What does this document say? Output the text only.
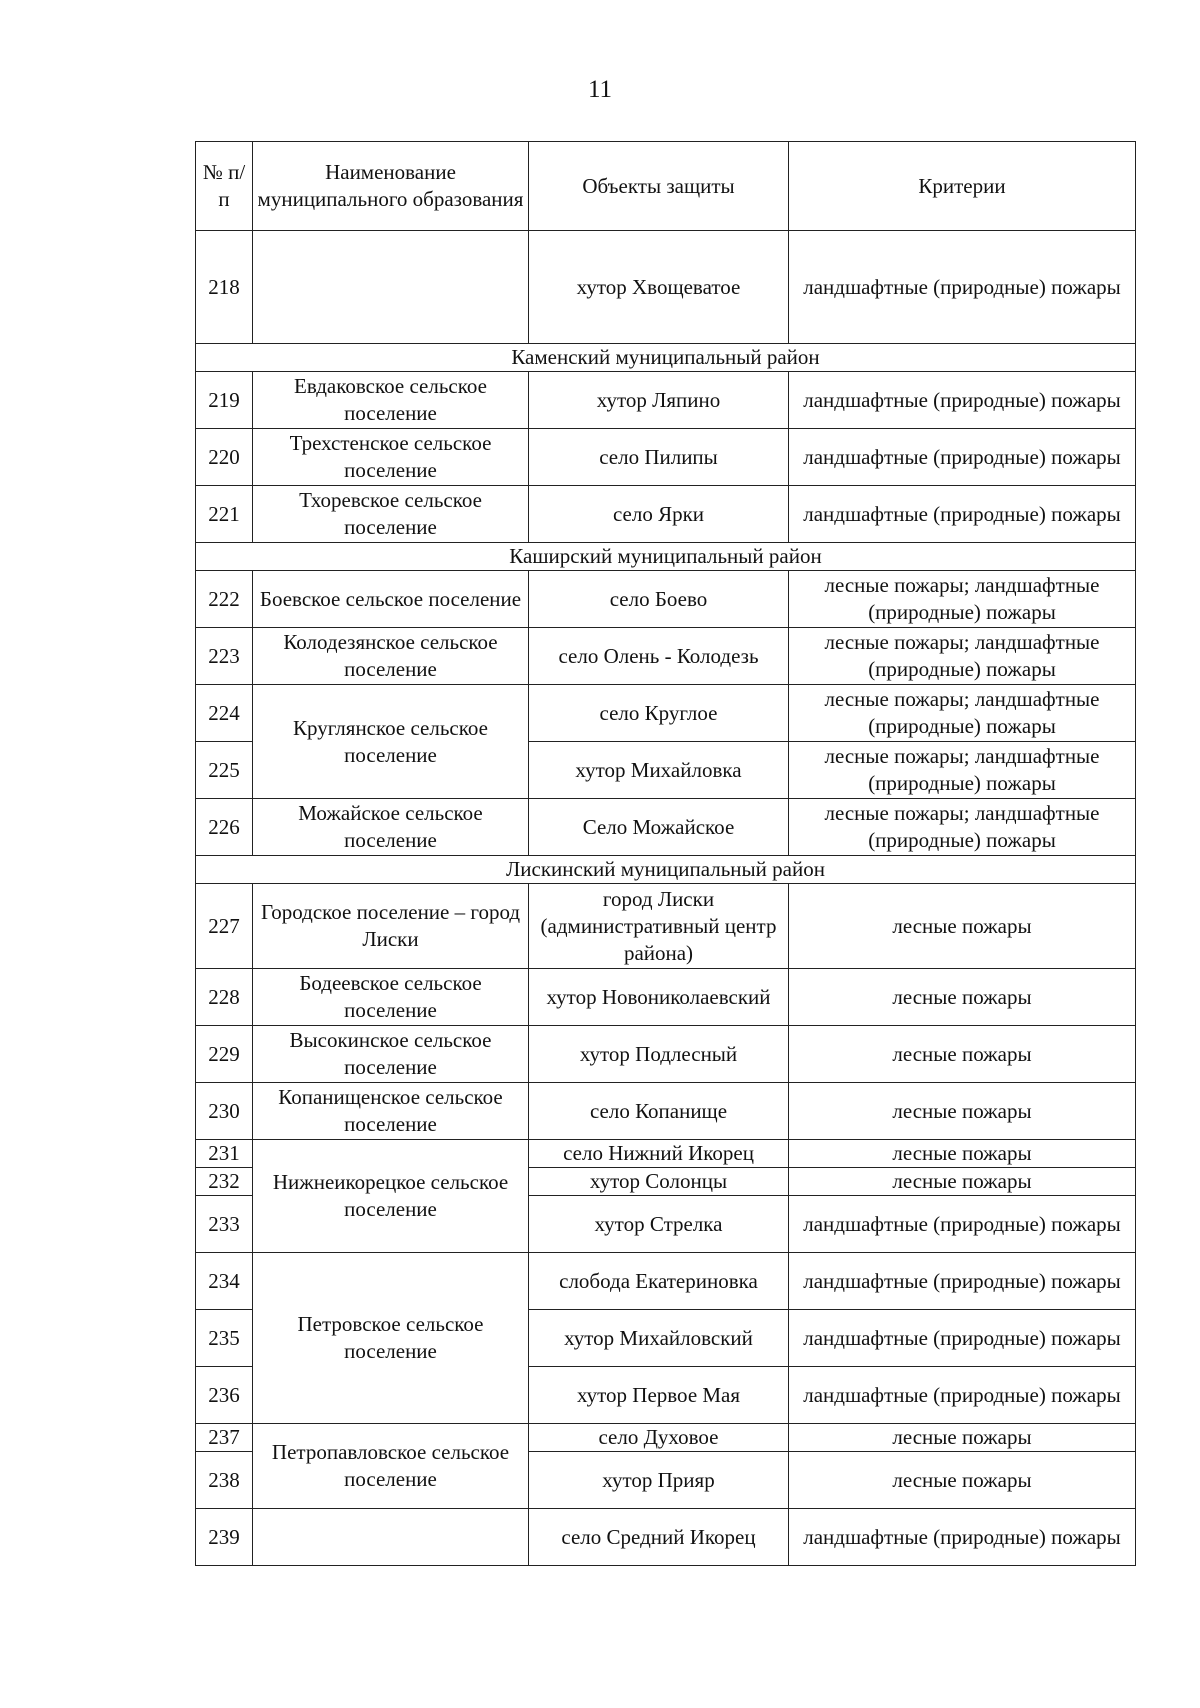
11
№ п/п	Наименование муниципального образования	Объекты защиты	Критерии
218		хутор Хвощеватое	ландшафтные (природные) пожары
Каменский муниципальный район			
219	Евдаковское сельское поселение	хутор Ляпино	ландшафтные (природные) пожары
220	Трехстенское сельское поселение	село Пилипы	ландшафтные (природные) пожары
221	Тхоревское сельское поселение	село Ярки	ландшафтные (природные) пожары
Каширский муниципальный район			
222	Боевское сельское поселение	село Боево	лесные пожары; ландшафтные (природные) пожары
223	Колодезянское сельское поселение	село Олень - Колодезь	лесные пожары; ландшафтные (природные) пожары
224	Круглянское сельское поселение	село Круглое	лесные пожары; ландшафтные (природные) пожары
225		хутор Михайловка	лесные пожары; ландшафтные (природные) пожары
226	Можайское сельское поселение	Село Можайское	лесные пожары; ландшафтные (природные) пожары
Лискинский муниципальный район			
227	Городское поселение – город Лиски	город Лиски (административный центр района)	лесные пожары
228	Бодеевское сельское поселение	хутор Новониколаевский	лесные пожары
229	Высокинское сельское поселение	хутор Подлесный	лесные пожары
230	Копанищенское сельское поселение	село Копанище	лесные пожары
231	Нижнеикорецкое сельское поселение	село Нижний Икорец	лесные пожары
232		хутор Солонцы	лесные пожары
233		хутор Стрелка	ландшафтные (природные) пожары
234	Петровское сельское поселение	слобода Екатериновка	ландшафтные (природные) пожары
235		хутор Михайловский	ландшафтные (природные) пожары
236		хутор Первое Мая	ландшафтные (природные) пожары
237	Петропавловское сельское поселение	село Духовое	лесные пожары
238		хутор Прияр	лесные пожары
239		село Средний Икорец	ландшафтные (природные) пожары
